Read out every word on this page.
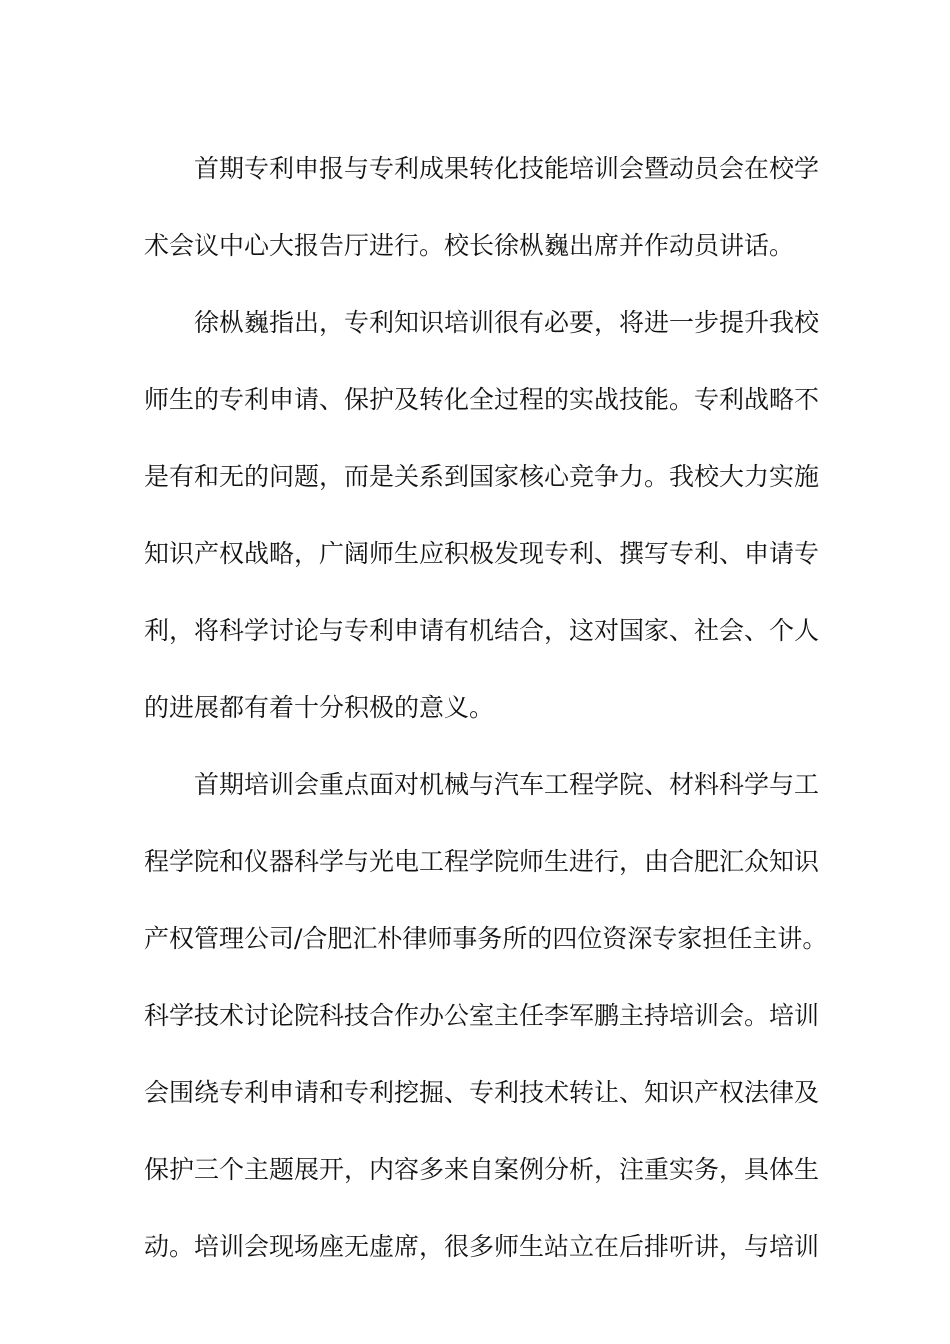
首期专利申报与专利成果转化技能培训会暨动员会在校学
术会议中心大报告厅进行。校长徐枞巍出席并作动员讲话。
徐枞巍指出，专利知识培训很有必要，将进一步提升我校
师生的专利申请、保护及转化全过程的实战技能。专利战略不
是有和无的问题，而是关系到国家核心竞争力。我校大力实施
知识产权战略，广阔师生应积极发现专利、撰写专利、申请专
利，将科学讨论与专利申请有机结合，这对国家、社会、个人
的进展都有着十分积极的意义。
首期培训会重点面对机械与汽车工程学院、材料科学与工
程学院和仪器科学与光电工程学院师生进行，由合肥汇众知识
产权管理公司/合肥汇朴律师事务所的四位资深专家担任主讲。
科学技术讨论院科技合作办公室主任李军鹏主持培训会。培训
会围绕专利申请和专利挖掘、专利技术转让、知识产权法律及
保护三个主题展开，内容多来自案例分析，注重实务，具体生
动。培训会现场座无虚席，很多师生站立在后排听讲，与培训
